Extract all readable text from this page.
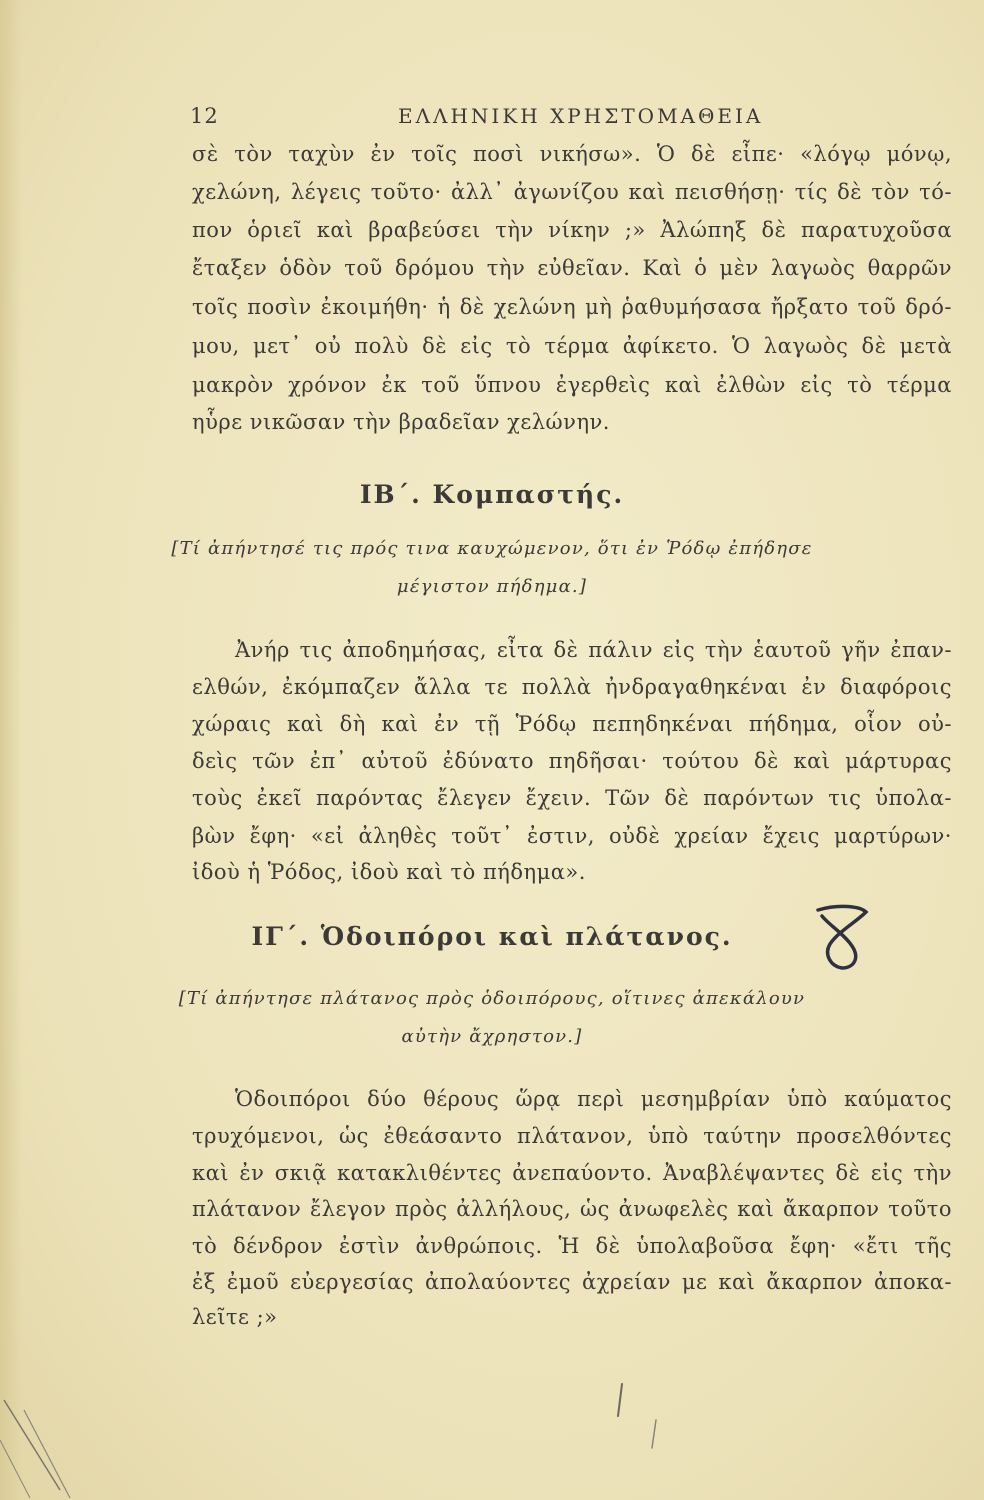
12	ΕΛΛΗΝΙΚΗ ΧΡΗΣΤΟΜΑΘΕΙΑ
σὲ τὸν ταχὺν ἐν τοῖς ποσὶ νικήσω». Ὁ δὲ εἶπε· «λόγῳ μόνῳ,
χελώνη, λέγεις τοῦτο· ἀλλ᾽ ἀγωνίζου καὶ πεισθήσῃ· τίς δὲ τὸν τό-
πον ὁριεῖ καὶ βραβεύσει τὴν νίκην ;» Ἀλώπηξ δὲ παρατυχοῦσα
ἔταξεν ὁδὸν τοῦ δρόμου τὴν εὐθεῖαν. Καὶ ὁ μὲν λαγωὸς θαρρῶν
τοῖς ποσὶν ἐκοιμήθη· ἡ δὲ χελώνη μὴ ῥαθυμήσασα ἤρξατο τοῦ δρό-
μου, μετ᾽ οὐ πολὺ δὲ εἰς τὸ τέρμα ἀφίκετο. Ὁ λαγωὸς δὲ μετὰ
μακρὸν χρόνον ἐκ τοῦ ὕπνου ἐγερθεὶς καὶ ἐλθὼν εἰς τὸ τέρμα
ηὗρε νικῶσαν τὴν βραδεῖαν χελώνην.
ΙΒ΄. Κομπαστής.
[Τί ἀπήντησέ τις πρός τινα καυχώμενον, ὅτι ἐν Ῥόδῳ ἐπήδησε
μέγιστον πήδημα.]
Ἀνήρ τις ἀποδημήσας, εἶτα δὲ πάλιν εἰς τὴν ἑαυτοῦ γῆν ἐπαν-
ελθών, ἐκόμπαζεν ἄλλα τε πολλὰ ἠνδραγαθηκέναι ἐν διαφόροις
χώραις καὶ δὴ καὶ ἐν τῇ Ῥόδῳ πεπηδηκέναι πήδημα, οἷον οὐ-
δεὶς τῶν ἐπ᾽ αὐτοῦ ἐδύνατο πηδῆσαι· τούτου δὲ καὶ μάρτυρας
τοὺς ἐκεῖ παρόντας ἔλεγεν ἔχειν. Τῶν δὲ παρόντων τις ὑπολα-
βὼν ἔφη· «εἰ ἀληθὲς τοῦτ᾽ ἐστιν, οὐδὲ χρείαν ἔχεις μαρτύρων·
ἰδοὺ ἡ Ῥόδος, ἰδοὺ καὶ τὸ πήδημα».
ΙΓ΄. Ὁδοιπόροι καὶ πλάτανος.
[Τί ἀπήντησε πλάτανος πρὸς ὁδοιπόρους, οἵτινες ἀπεκάλουν
αὐτὴν ἄχρηστον.]
Ὁδοιπόροι δύο θέρους ὥρᾳ περὶ μεσημβρίαν ὑπὸ καύματος
τρυχόμενοι, ὡς ἐθεάσαντο πλάτανον, ὑπὸ ταύτην προσελθόντες
καὶ ἐν σκιᾷ κατακλιθέντες ἀνεπαύοντο. Ἀναβλέψαντες δὲ εἰς τὴν
πλάτανον ἔλεγον πρὸς ἀλλήλους, ὡς ἀνωφελὲς καὶ ἄκαρπον τοῦτο
τὸ δένδρον ἐστὶν ἀνθρώποις. Ἡ δὲ ὑπολαβοῦσα ἔφη· «ἔτι τῆς
ἐξ ἐμοῦ εὐεργεσίας ἀπολαύοντες ἀχρείαν με καὶ ἄκαρπον ἀποκα-
λεῖτε ;»
